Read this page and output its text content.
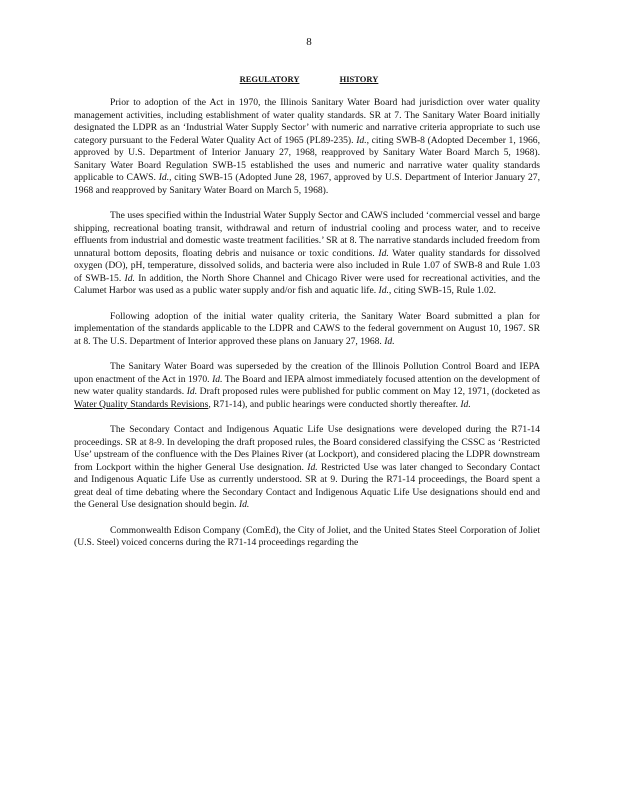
8
REGULATORY	HISTORY

Prior to adoption of the Act in 1970, the Illinois Sanitary Water Board had jurisdiction over water quality management activities, including establishment of water quality standards. SR at 7. The Sanitary Water Board initially designated the LDPR as an ‘Industrial Water Supply Sector’ with numeric and narrative criteria appropriate to such use category pursuant to the Federal Water Quality Act of 1965 (PL89-235). Id., citing SWB-8 (Adopted December 1, 1966, approved by U.S. Department of Interior January 27, 1968, reapproved by Sanitary Water Board March 5, 1968). Sanitary Water Board Regulation SWB-15 established the uses and numeric and narrative water quality standards applicable to CAWS. Id., citing SWB-15 (Adopted June 28, 1967, approved by U.S. Department of Interior January 27, 1968 and reapproved by Sanitary Water Board on March 5, 1968).

The uses specified within the Industrial Water Supply Sector and CAWS included ‘commercial vessel and barge shipping, recreational boating transit, withdrawal and return of industrial cooling and process water, and to receive effluents from industrial and domestic waste treatment facilities.’ SR at 8. The narrative standards included freedom from unnatural bottom deposits, floating debris and nuisance or toxic conditions. Id. Water quality standards for dissolved oxygen (DO), pH, temperature, dissolved solids, and bacteria were also included in Rule 1.07 of SWB-8 and Rule 1.03 of SWB-15. Id. In addition, the North Shore Channel and Chicago River were used for recreational activities, and the Calumet Harbor was used as a public water supply and/or fish and aquatic life. Id., citing SWB-15, Rule 1.02.

Following adoption of the initial water quality criteria, the Sanitary Water Board submitted a plan for implementation of the standards applicable to the LDPR and CAWS to the federal government on August 10, 1967. SR at 8. The U.S. Department of Interior approved these plans on January 27, 1968. Id.

The Sanitary Water Board was superseded by the creation of the Illinois Pollution Control Board and IEPA upon enactment of the Act in 1970. Id. The Board and IEPA almost immediately focused attention on the development of new water quality standards. Id. Draft proposed rules were published for public comment on May 12, 1971, (docketed as Water Quality Standards Revisions, R71-14), and public hearings were conducted shortly thereafter. Id.

The Secondary Contact and Indigenous Aquatic Life Use designations were developed during the R71-14 proceedings. SR at 8-9. In developing the draft proposed rules, the Board considered classifying the CSSC as ‘Restricted Use’ upstream of the confluence with the Des Plaines River (at Lockport), and considered placing the LDPR downstream from Lockport within the higher General Use designation. Id. Restricted Use was later changed to Secondary Contact and Indigenous Aquatic Life Use as currently understood. SR at 9. During the R71-14 proceedings, the Board spent a great deal of time debating where the Secondary Contact and Indigenous Aquatic Life Use designations should end and the General Use designation should begin. Id.

Commonwealth Edison Company (ComEd), the City of Joliet, and the United States Steel Corporation of Joliet (U.S. Steel) voiced concerns during the R71-14 proceedings regarding the
